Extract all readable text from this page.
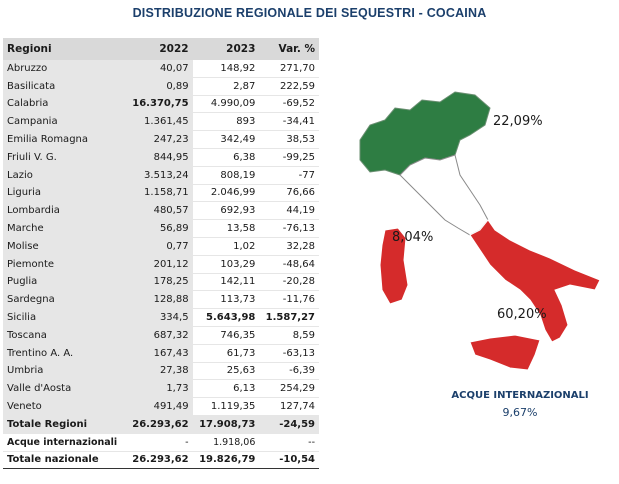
DISTRIBUZIONE REGIONALE DEI SEQUESTRI - COCAINA
Regioni	2022	2023	Var. %
Abruzzo	40,07	148,92	271,70
Basilicata	0,89	2,87	222,59
Calabria	16.370,75	4.990,09	-69,52
Campania	1.361,45	893	-34,41
Emilia Romagna	247,23	342,49	38,53
Friuli V. G.	844,95	6,38	-99,25
Lazio	3.513,24	808,19	-77
Liguria	1.158,71	2.046,99	76,66
Lombardia	480,57	692,93	44,19
Marche	56,89	13,58	-76,13
Molise	0,77	1,02	32,28
Piemonte	201,12	103,29	-48,64
Puglia	178,25	142,11	-20,28
Sardegna	128,88	113,73	-11,76
Sicilia	334,5	5.643,98	1.587,27
Toscana	687,32	746,35	8,59
Trentino A. A.	167,43	61,73	-63,13
Umbria	27,38	25,63	-6,39
Valle d'Aosta	1,73	6,13	254,29
Veneto	491,49	1.119,35	127,74
Totale Regioni	26.293,62	17.908,73	-24,59
Acque internazionali	-	1.918,06	--
Totale nazionale	26.293,62	19.826,79	-10,54
22,09%
8,04%
60,20%
ACQUE INTERNAZIONALI
9,67%
